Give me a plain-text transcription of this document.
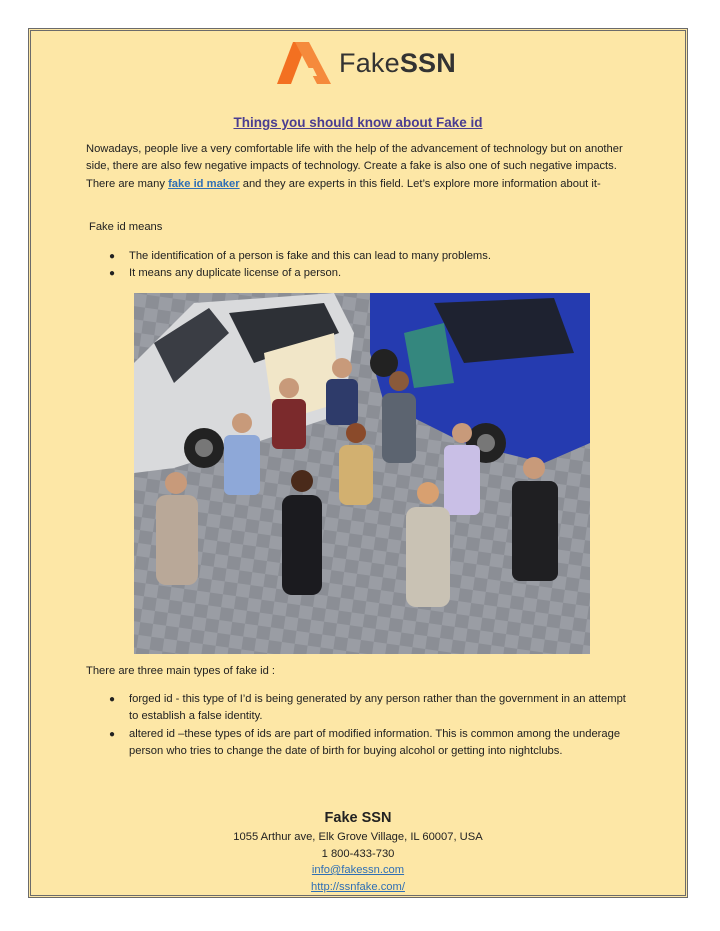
FakeSSN
Things you should know about Fake id

Nowadays, people live a very comfortable life with the help of the advancement of technology but on another side, there are also few negative impacts of technology. Create a fake is also one of such negative impacts. There are many fake id maker and they are experts in this field. Let’s explore more information about it-

Fake id means
● The identification of a person is fake and this can lead to many problems.
● It means any duplicate license of a person.
There are three main types of fake id :
● forged id - this type of I’d is being generated by any person rather than the government in an attempt to establish a false identity.
● altered id –these types of ids are part of modified information. This is common among the underage person who tries to change the date of birth for buying alcohol or getting into nightclubs.
Fake SSN
1055 Arthur ave, Elk Grove Village, IL 60007, USA
1 800-433-730
info@fakessn.com
http://ssnfake.com/
